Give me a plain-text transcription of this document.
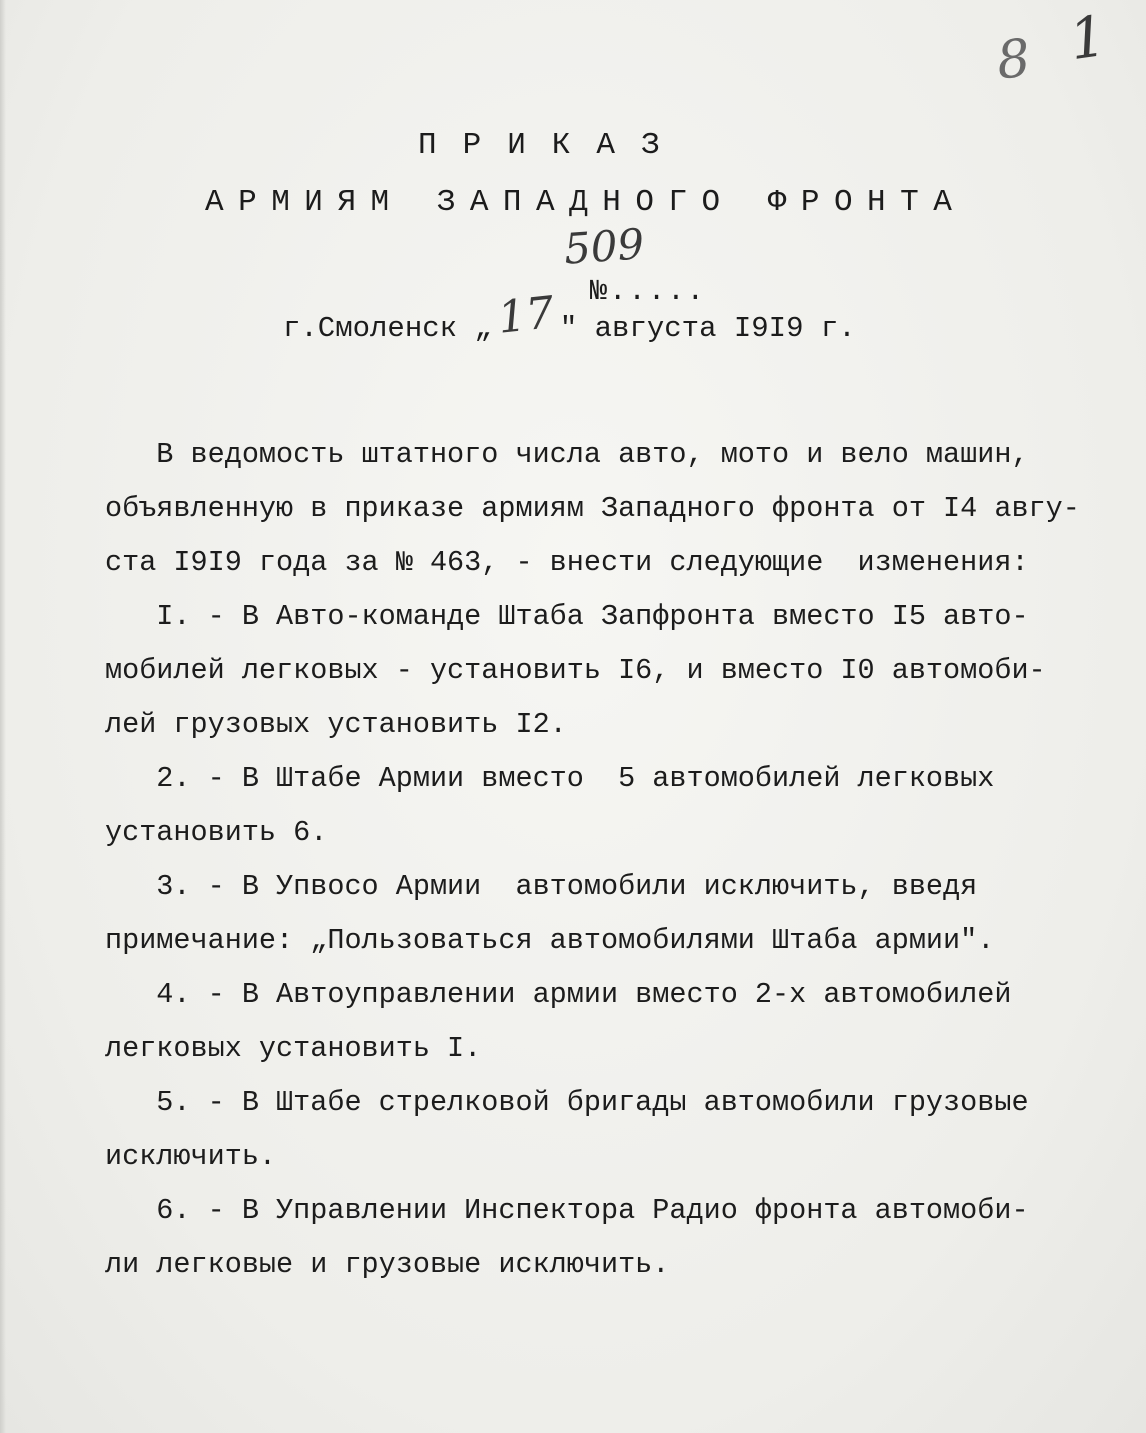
1
8
ПРИКАЗ
АРМИЯМ ЗАПАДНОГО ФРОНТА

№.....

509

г.Смоленск „17 " августа I9I9 г.

В ведомость штатного числа авто, мото и вело машин,

объявленную в приказе армиям Западного фронта от I4 авгу-

ста I9I9 года за № 463, - внести следующие  изменения:

I. - В Авто-команде Штаба Запфронта вместо I5 авто-

мобилей легковых - установить I6, и вместо I0 автомоби-

лей грузовых установить I2.

2. - В Штабе Армии вместо  5 автомобилей легковых

установить 6.

3. - В Упвосо Армии  автомобили исключить, введя

примечание: „Пользоваться автомобилями Штаба армии".

4. - В Автоуправлении армии вместо 2-х автомобилей

легковых установить I.

5. - В Штабе стрелковой бригады автомобили грузовые

исключить.

6. - В Управлении Инспектора Радио фронта автомоби-

ли легковые и грузовые исключить.
